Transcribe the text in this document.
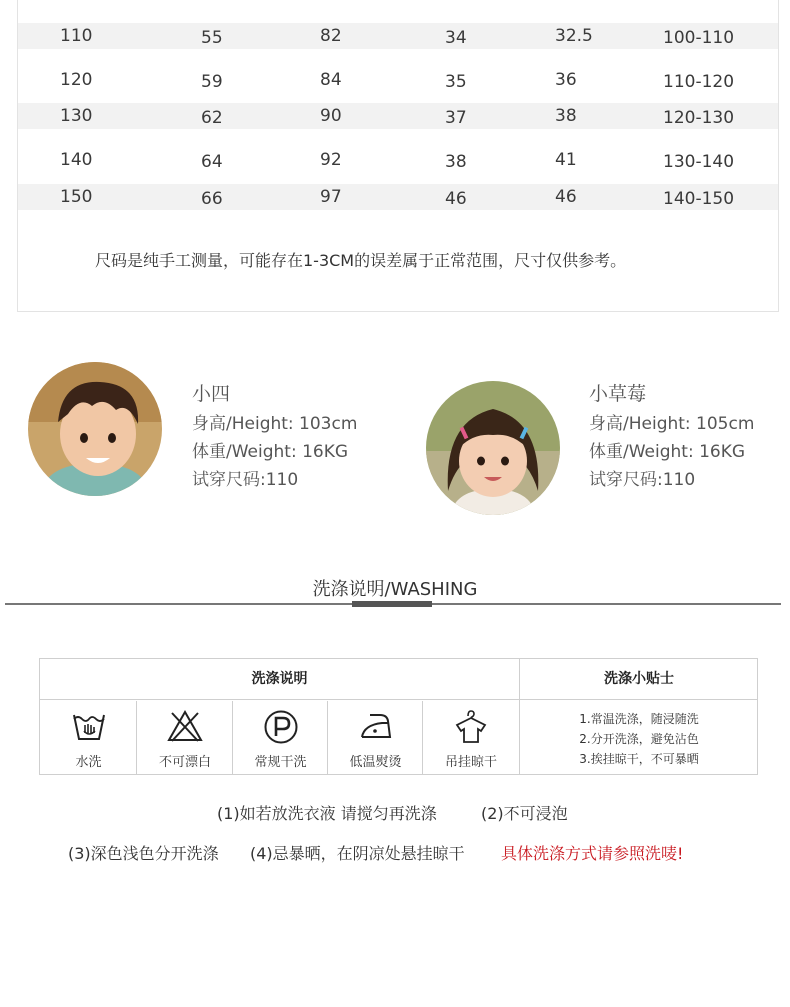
110	55	82	34	32.5	100-110
120	59	84	35	36	110-120
130	62	90	37	38	120-130
140	64	92	38	41	130-140
150	66	97	46	46	140-150
尺码是纯手工测量，可能存在1-3CM的误差属于正常范围，尺寸仅供参考。
小四
身高/Height: 103cm
体重/Weight: 16KG
试穿尺码:110
小草莓
身高/Height: 105cm
体重/Weight: 16KG
试穿尺码:110
洗涤说明/WASHING
洗涤说明	洗涤小贴士
水洗	不可漂白	常规干洗	低温熨烫	吊挂晾干
1.常温洗涤，随浸随洗
2.分开洗涤，避免沾色
3.挨挂晾干，不可暴晒
(1)如若放洗衣液 请搅匀再洗涤	(2)不可浸泡
(3)深色浅色分开洗涤 (4)忌暴晒，在阴凉处悬挂晾干 具体洗涤方式请参照洗唛!
